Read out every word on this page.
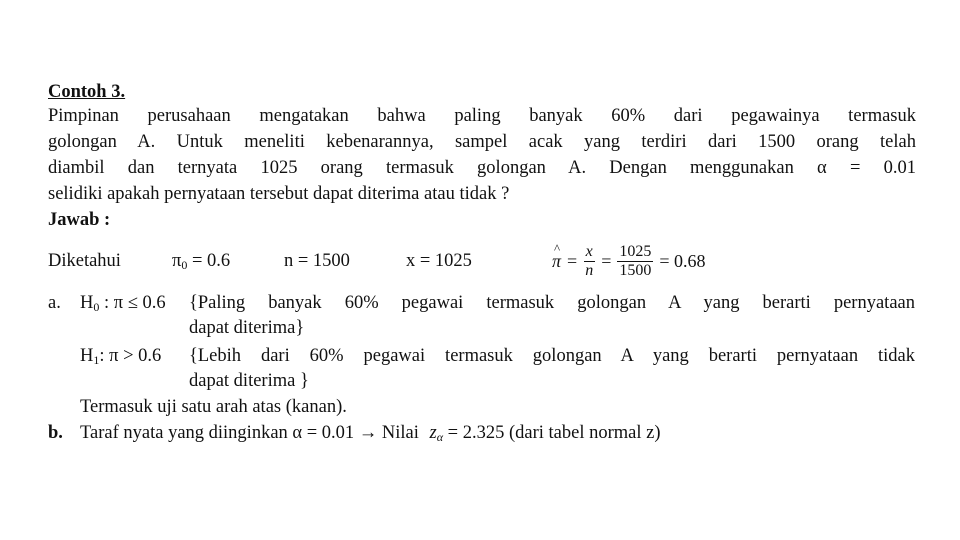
Contoh 3.
Pimpinan perusahaan mengatakan bahwa paling banyak 60% dari pegawainya termasuk
golongan A. Untuk meneliti kebenarannya, sampel acak yang terdiri dari 1500 orang telah
diambil dan ternyata 1025 orang termasuk golongan A. Dengan menggunakan α = 0.01
selidiki apakah pernyataan tersebut dapat diterima atau tidak ?
Jawab :
Diketahui	$\pi_0 = 0.6$	n = 1500	x = 1025
^	$\pi = \frac{x}{n} = \frac{1025}{1500} = 0.68$
a. $H_0$ : π ≤ 0.6 {Paling banyak 60% pegawai termasuk golongan A yang berarti pernyataan
dapat diterima}
$H_1$: π > 0.6 {Lebih dari 60% pegawai termasuk golongan A yang berarti pernyataan tidak
dapat diterima }
Termasuk uji satu arah atas (kanan).
b. Taraf nyata yang diinginkan α = 0.01 → Nilai $z_\alpha = 2.325$ (dari tabel normal z)
